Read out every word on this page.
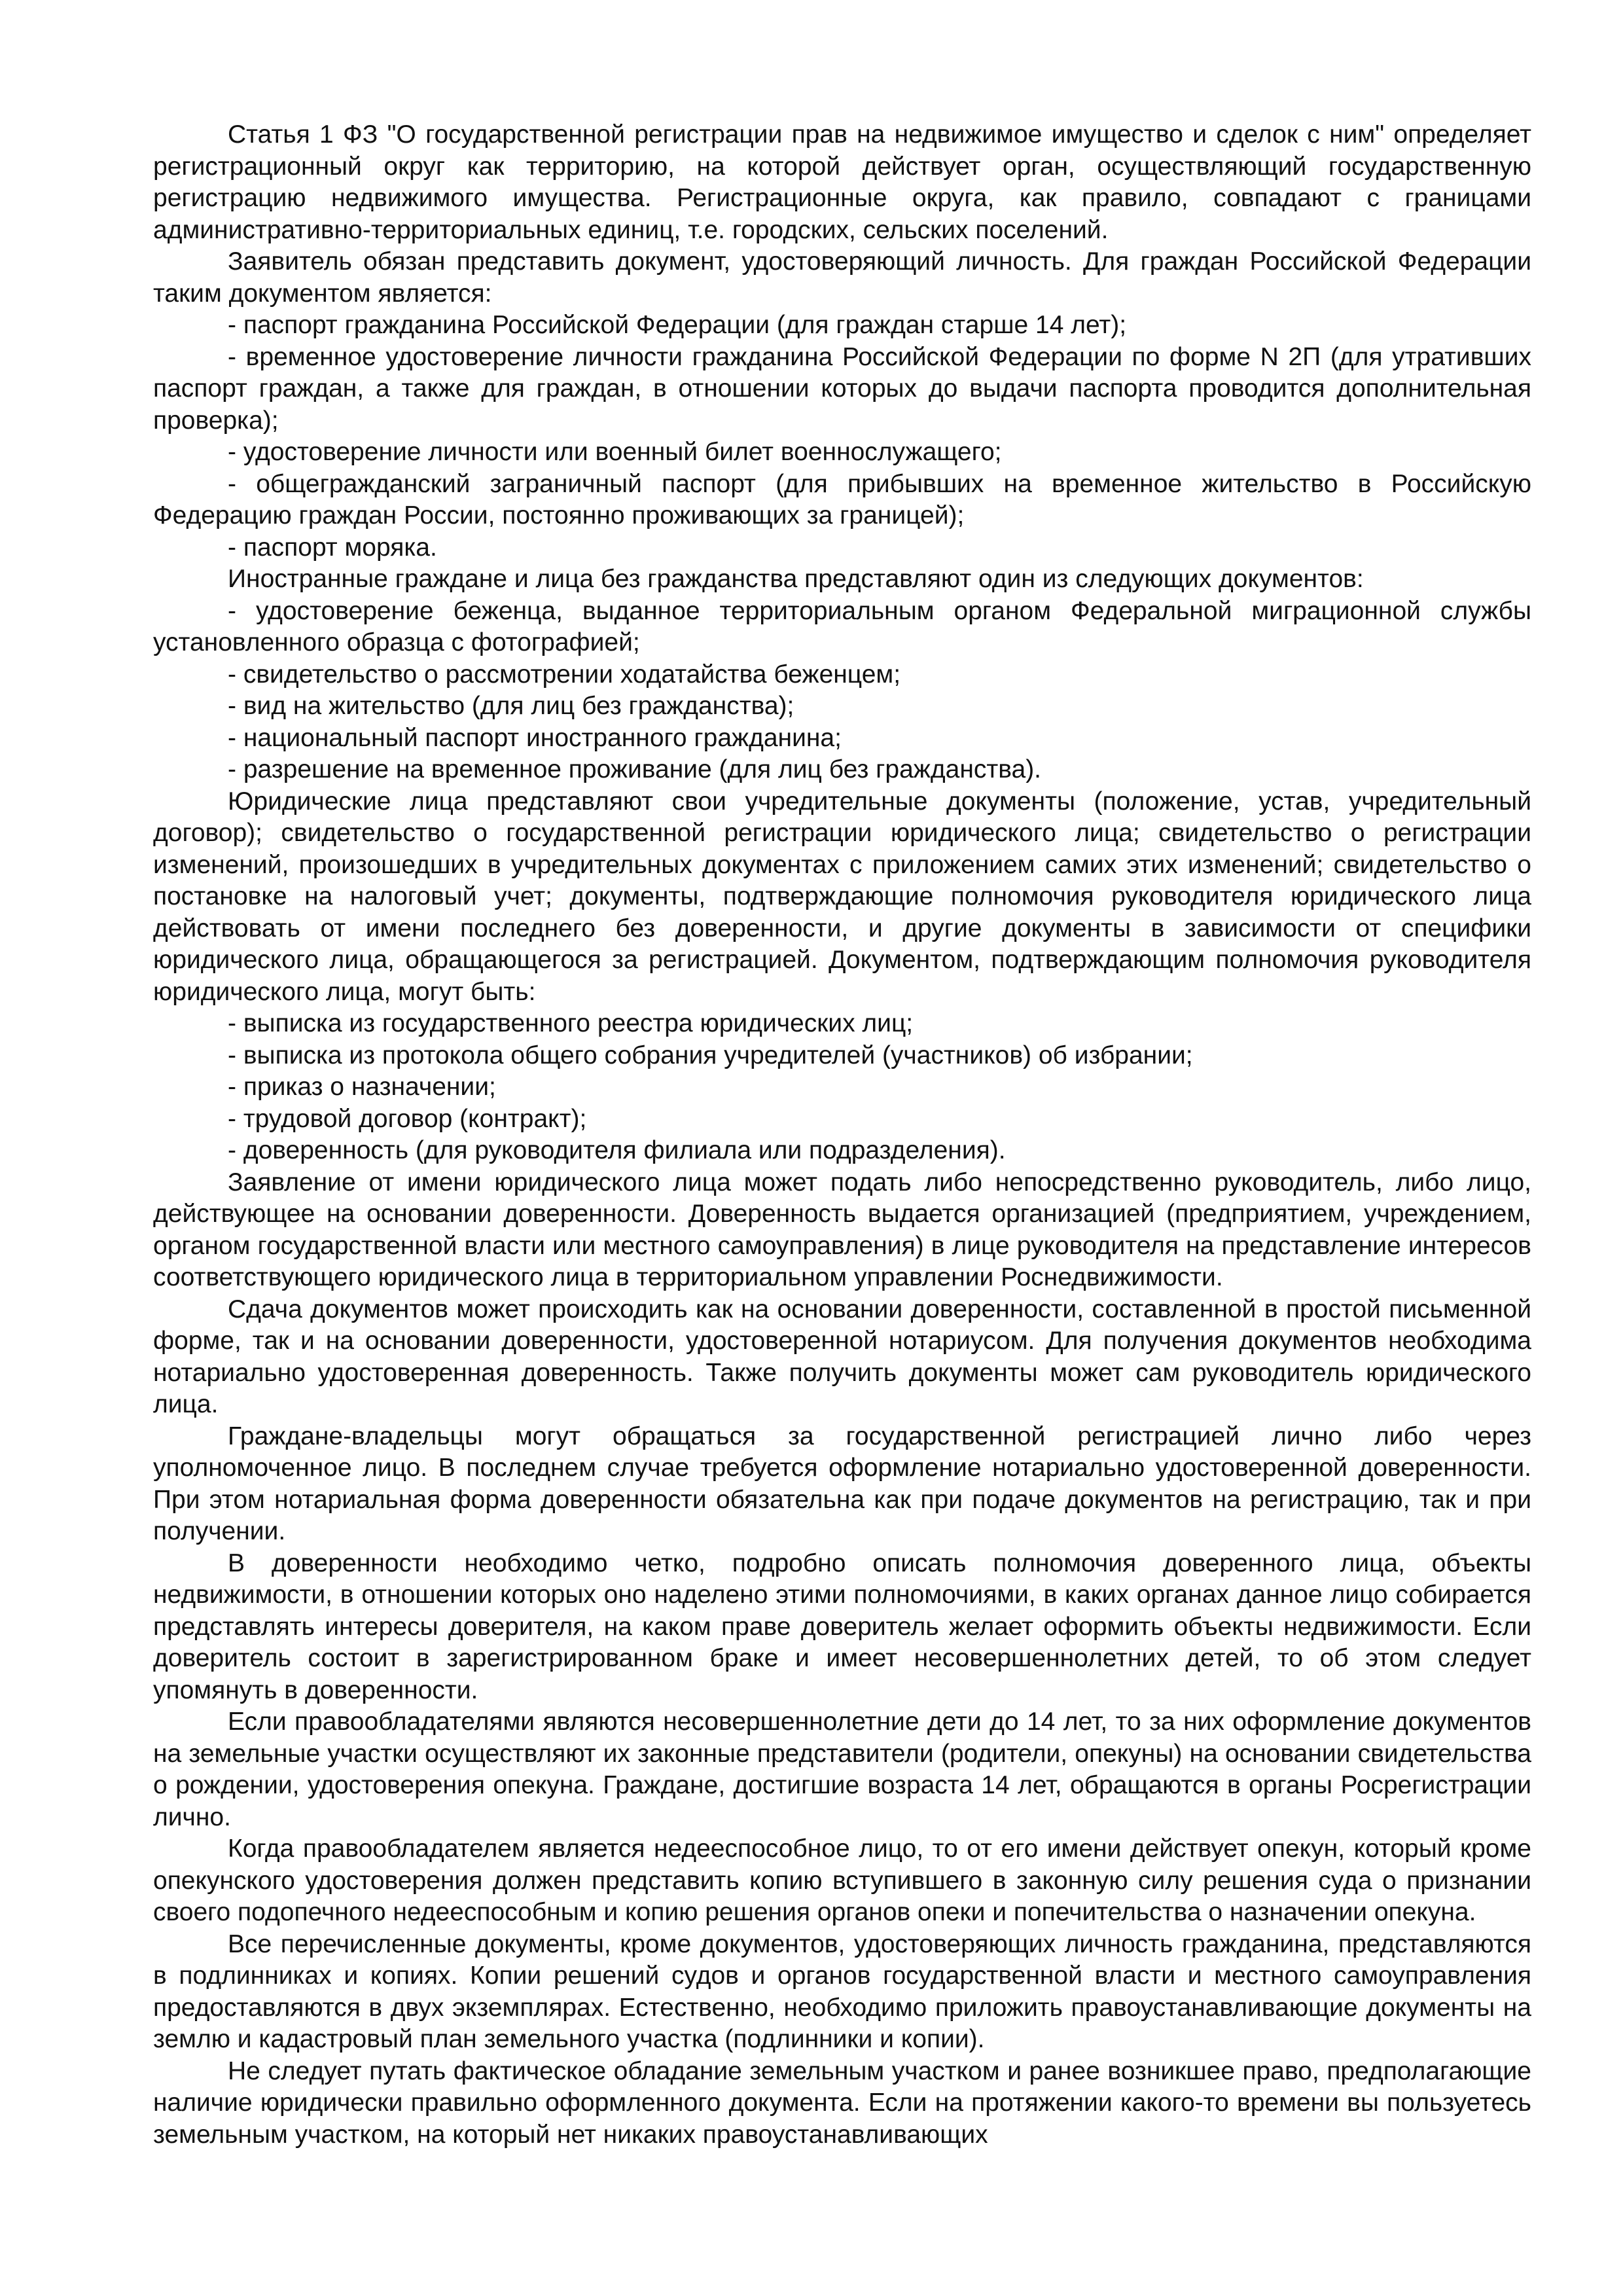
Статья 1 ФЗ "О государственной регистрации прав на недвижимое имущество и сделок с ним" определяет регистрационный округ как территорию, на которой действует орган, осуществляющий государственную регистрацию недвижимого имущества. Регистрационные округа, как правило, совпадают с границами административно-территориальных единиц, т.е. городских, сельских поселений.

Заявитель обязан представить документ, удостоверяющий личность. Для граждан Российской Федерации таким документом является:

- паспорт гражданина Российской Федерации (для граждан старше 14 лет);

- временное удостоверение личности гражданина Российской Федерации по форме N 2П (для утративших паспорт граждан, а также для граждан, в отношении которых до выдачи паспорта проводится дополнительная проверка);

- удостоверение личности или военный билет военнослужащего;

- общегражданский заграничный паспорт (для прибывших на временное жительство в Российскую Федерацию граждан России, постоянно проживающих за границей);

- паспорт моряка.

Иностранные граждане и лица без гражданства представляют один из следующих документов:

- удостоверение беженца, выданное территориальным органом Федеральной миграционной службы установленного образца с фотографией;

- свидетельство о рассмотрении ходатайства беженцем;

- вид на жительство (для лиц без гражданства);

- национальный паспорт иностранного гражданина;

- разрешение на временное проживание (для лиц без гражданства).

Юридические лица представляют свои учредительные документы (положение, устав, учредительный договор); свидетельство о государственной регистрации юридического лица; свидетельство о регистрации изменений, произошедших в учредительных документах с приложением самих этих изменений; свидетельство о постановке на налоговый учет; документы, подтверждающие полномочия руководителя юридического лица действовать от имени последнего без доверенности, и другие документы в зависимости от специфики юридического лица, обращающегося за регистрацией. Документом, подтверждающим полномочия руководителя юридического лица, могут быть:

- выписка из государственного реестра юридических лиц;

- выписка из протокола общего собрания учредителей (участников) об избрании;

- приказ о назначении;

- трудовой договор (контракт);

- доверенность (для руководителя филиала или подразделения).

Заявление от имени юридического лица может подать либо непосредственно руководитель, либо лицо, действующее на основании доверенности. Доверенность выдается организацией (предприятием, учреждением, органом государственной власти или местного самоуправления) в лице руководителя на представление интересов соответствующего юридического лица в территориальном управлении Роснедвижимости.

Сдача документов может происходить как на основании доверенности, составленной в простой письменной форме, так и на основании доверенности, удостоверенной нотариусом. Для получения документов необходима нотариально удостоверенная доверенность. Также получить документы может сам руководитель юридического лица.

Граждане-владельцы могут обращаться за государственной регистрацией лично либо через уполномоченное лицо. В последнем случае требуется оформление нотариально удостоверенной доверенности. При этом нотариальная форма доверенности обязательна как при подаче документов на регистрацию, так и при получении.

В доверенности необходимо четко, подробно описать полномочия доверенного лица, объекты недвижимости, в отношении которых оно наделено этими полномочиями, в каких органах данное лицо собирается представлять интересы доверителя, на каком праве доверитель желает оформить объекты недвижимости. Если доверитель состоит в зарегистрированном браке и имеет несовершеннолетних детей, то об этом следует упомянуть в доверенности.

Если правообладателями являются несовершеннолетние дети до 14 лет, то за них оформление документов на земельные участки осуществляют их законные представители (родители, опекуны) на основании свидетельства о рождении, удостоверения опекуна. Граждане, достигшие возраста 14 лет, обращаются в органы Росрегистрации лично.

Когда правообладателем является недееспособное лицо, то от его имени действует опекун, который кроме опекунского удостоверения должен представить копию вступившего в законную силу решения суда о признании своего подопечного недееспособным и копию решения органов опеки и попечительства о назначении опекуна.

Все перечисленные документы, кроме документов, удостоверяющих личность гражданина, представляются в подлинниках и копиях. Копии решений судов и органов государственной власти и местного самоуправления предоставляются в двух экземплярах. Естественно, необходимо приложить правоустанавливающие документы на землю и кадастровый план земельного участка (подлинники и копии).

Не следует путать фактическое обладание земельным участком и ранее возникшее право, предполагающие наличие юридически правильно оформленного документа. Если на протяжении какого-то времени вы пользуетесь земельным участком, на который нет никаких правоустанавливающих
